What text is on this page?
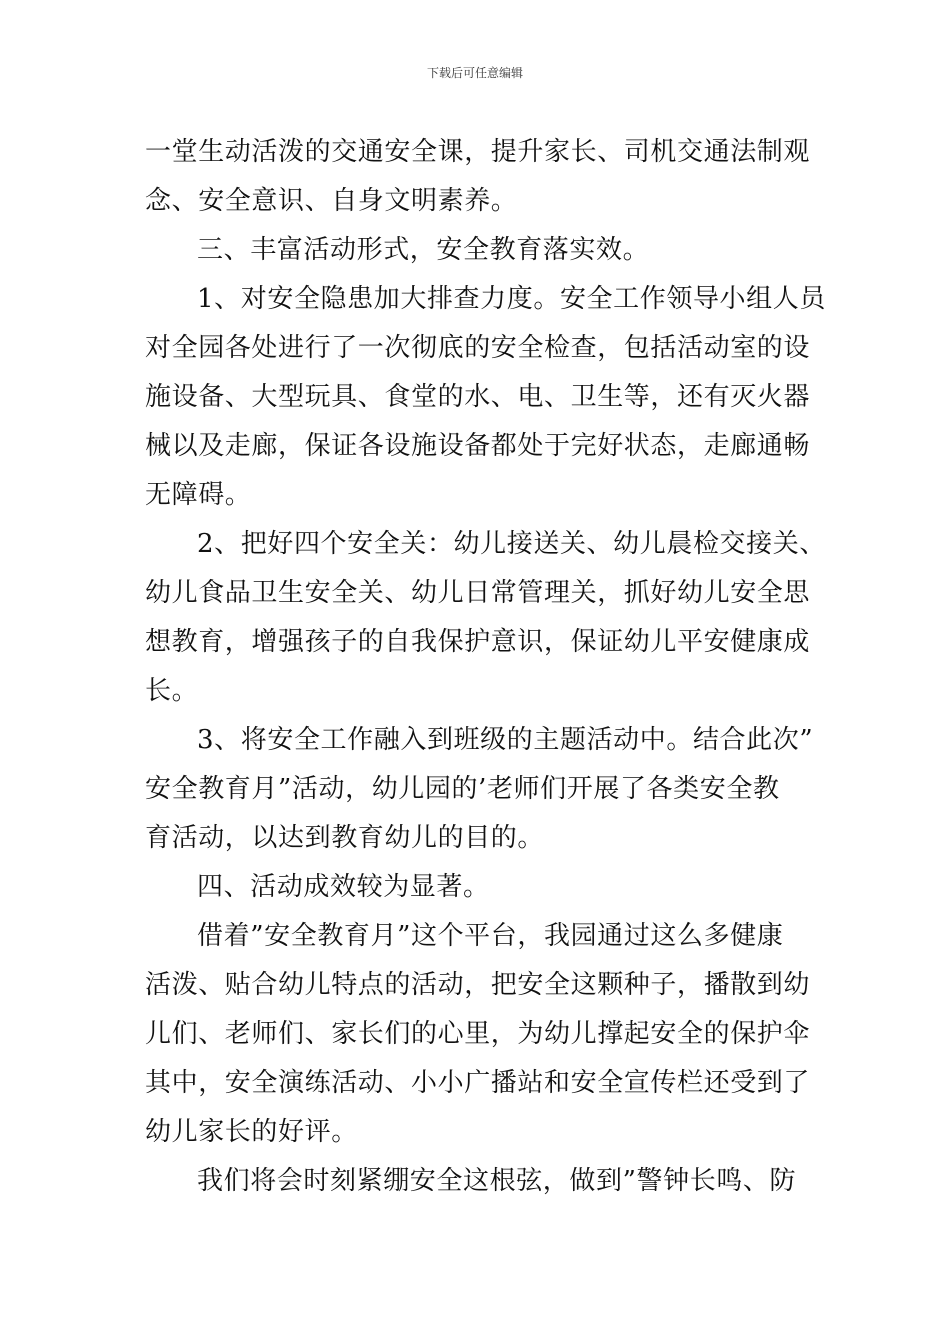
下载后可任意编辑
一堂生动活泼的交通安全课，提升家长、司机交通法制观
念、安全意识、自身文明素养。
三、丰富活动形式，安全教育落实效。
1、对安全隐患加大排查力度。安全工作领导小组人员
对全园各处进行了一次彻底的安全检查，包括活动室的设
施设备、大型玩具、食堂的水、电、卫生等，还有灭火器
械以及走廊，保证各设施设备都处于完好状态，走廊通畅
无障碍。
2、把好四个安全关：幼儿接送关、幼儿晨检交接关、
幼儿食品卫生安全关、幼儿日常管理关，抓好幼儿安全思
想教育，增强孩子的自我保护意识，保证幼儿平安健康成
长。
3、将安全工作融入到班级的主题活动中。结合此次”
安全教育月”活动，幼儿园的’老师们开展了各类安全教
育活动，以达到教育幼儿的目的。
四、活动成效较为显著。
借着”安全教育月”这个平台，我园通过这么多健康
活泼、贴合幼儿特点的活动，把安全这颗种子，播散到幼
儿们、老师们、家长们的心里，为幼儿撑起安全的保护伞
其中，安全演练活动、小小广播站和安全宣传栏还受到了
幼儿家长的好评。
我们将会时刻紧绷安全这根弦，做到”警钟长鸣、防
